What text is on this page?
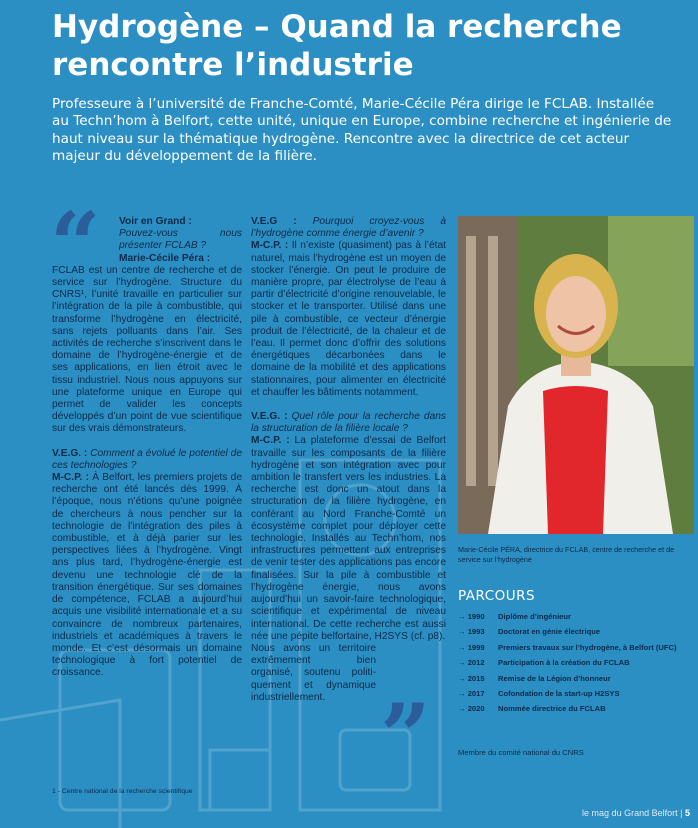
Hydrogène – Quand la recherche rencontre l’industrie
Professeure à l’université de Franche-Comté, Marie-Cécile Péra dirige le FCLAB. Installée au Techn’hom à Belfort, cette unité, unique en Europe, combine recherche et ingénierie de haut niveau sur la thématique hydrogène. Rencontre avec la directrice de cet acteur majeur du développement de la filière.
“	Voir en Grand :
Pouvez-vous nous présenter FCLAB ?

Marie-Cécile Péra :

FCLAB est un centre de recherche et de service sur l’hydrogène. Structure du CNRS¹, l’unité travaille en particulier sur l’intégration de la pile à combustible, qui transforme l’hydrogène en électricité, sans rejets polluants dans l’air. Ses activités de recherche s’inscrivent dans le domaine de l’hydrogène-énergie et de ses applications, en lien étroit avec le tissu industriel. Nous nous appuyons sur une plateforme unique en Europe qui permet de valider les concepts développés d’un point de vue scientifique sur des vrais démonstrateurs.

V.E.G. : Comment a évolué le potentiel de ces technologies ?

M-C.P. : À Belfort, les premiers projets de recherche ont été lancés dès 1999. À l’époque, nous n’étions qu’une poignée de chercheurs à nous pencher sur la technologie de l’intégration des piles à combustible, et à déjà parier sur les perspectives liées à l’hydrogène. Vingt ans plus tard, l’hydrogène-énergie est devenu une technologie clé de la transition énergétique. Sur ses domaines de compétence, FCLAB a aujourd’hui acquis une visibilité internationale et a su convaincre de nombreux partenaires, industriels et académiques à travers le monde. Et c’est désormais un domaine technologique à fort potentiel de croissance.

V.E.G : Pourquoi croyez-vous à l’hydrogène comme énergie d’avenir ?

M-C.P. : Il n’existe (quasiment) pas à l’état naturel, mais l’hydrogène est un moyen de stocker l’énergie. On peut le produire de manière propre, par électrolyse de l’eau à partir d’électricité d’origine renouvelable, le stocker et le transporter. Utilisé dans une pile à combustible, ce vecteur d’énergie produit de l’électricité, de la chaleur et de l’eau. Il permet donc d’offrir des solutions énergétiques décarbonées dans le domaine de la mobilité et des applications stationnaires, pour alimenter en électricité et chauffer les bâtiments notamment.

V.E.G. : Quel rôle pour la recherche dans la structuration de la filière locale ?

M-C.P. : La plateforme d’essai de Belfort travaille sur les composants de la filière hydrogène et son intégration avec pour ambition le transfert vers les industries. La recherche est donc un atout dans la structuration de la filière hydrogène, en conférant au Nord Franche-Comté un écosystème complet pour déployer cette technologie. Installés au Techn’hom, nos infrastructures permettent aux entreprises de venir tester des applications pas encore finalisées. Sur la pile à combustible et l’hydrogène énergie, nous avons aujourd’hui un savoir-faire technologique, scientifique et expérimental de niveau international. De cette recherche est aussi née une pépite belfortaine, H2SYS (cf. p8).

Nous avons un territoire extrêmement bien organisé, soutenu politi- quement et dynamique industriellement. ”
Marie-Cécile PÉRA, directrice du FCLAB, centre de recherche et de service sur l’hydrogène
PARCOURS
→ 1990	Diplôme d’ingénieur
→ 1993	Doctorat en génie électrique
→ 1999	Premiers travaux sur l’hydrogène, à Belfort (UFC)
→ 2012	Participation à la création du FCLAB
→ 2015	Remise de la Légion d’honneur
→ 2017	Cofondation de la start-up H2SYS
→ 2020	Nommée directrice du FCLAB
Membre du comité national du CNRS
1 - Centre national de la recherche scientifique
le mag du Grand Belfort | 5
